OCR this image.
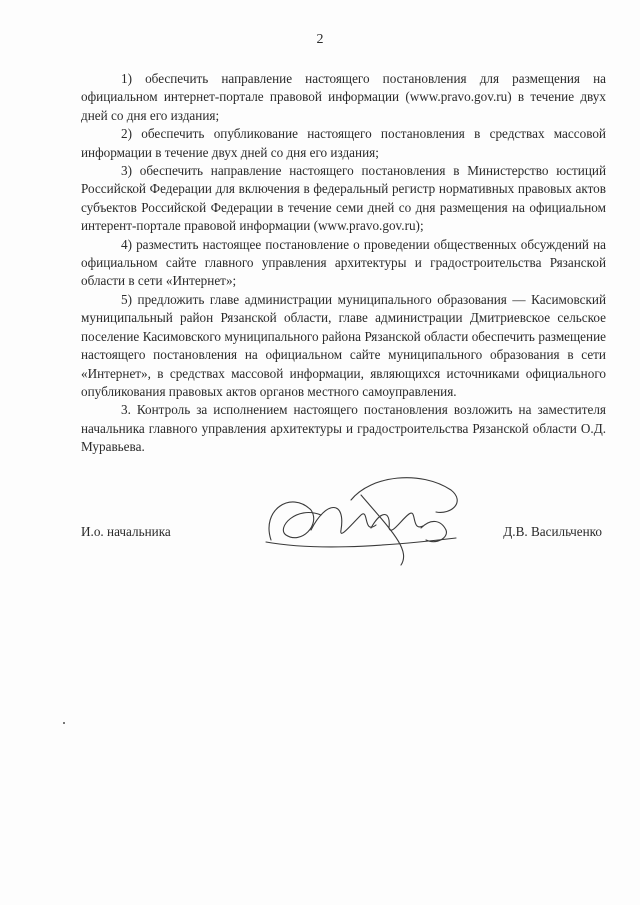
2

1) обеспечить направление настоящего постановления для размещения на официальном интернет-портале правовой информации (www.pravo.gov.ru) в течение двух дней со дня его издания;

2) обеспечить опубликование настоящего постановления в средствах массовой информации в течение двух дней со дня его издания;

3) обеспечить направление настоящего постановления в Министерство юстиций Российской Федерации для включения в федеральный регистр нормативных правовых актов субъектов Российской Федерации в течение семи дней со дня размещения на официальном интерент-портале правовой информации (www.pravo.gov.ru);

4) разместить настоящее постановление о проведении общественных обсуждений на официальном сайте главного управления архитектуры и градостроительства Рязанской области в сети «Интернет»;

5) предложить главе администрации муниципального образования — Касимовский муниципальный район Рязанской области, главе администрации Дмитриевское сельское поселение Касимовского муниципального района Рязанской области обеспечить размещение настоящего постановления на официальном сайте муниципального образования в сети «Интернет», в средствах массовой информации, являющихся источниками официального опубликования правовых актов органов местного самоуправления.

3. Контроль за исполнением настоящего постановления возложить на заместителя начальника главного управления архитектуры и градостроительства Рязанской области О.Д. Муравьева.

И.о. начальника	Д.В. Васильченко
